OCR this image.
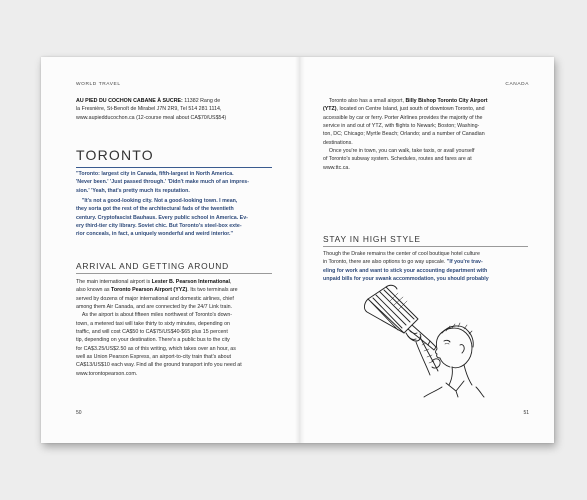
WORLD TRAVEL

AU PIED DU COCHON CABANE À SUCRE: 11382 Rang de

la Fresnière, St-Benoît de Mirabel J7N 2R9, Tel 514 281 1114,

www.aupiedducochon.ca (12-course meal about CA$70/US$54)

TORONTO

"Toronto: largest city in Canada, fifth-largest in North America.

'Never been.' 'Just passed through.' 'Didn't make much of an impres-

sion.' 'Yeah, that's pretty much its reputation.

"It's not a good-looking city. Not a good-looking town. I mean,

they sorta got the rest of the architectural fads of the twentieth

century. Cryptofascist Bauhaus. Every public school in America. Ev-

ery third-tier city library. Soviet chic. But Toronto's steel-box exte-

rior conceals, in fact, a uniquely wonderful and weird interior."

ARRIVAL AND GETTING AROUND

The main international airport is Lester B. Pearson International,

also known as Toronto Pearson Airport (YYZ). Its two terminals are

served by dozens of major international and domestic airlines, chief

among them Air Canada, and are connected by the 24/7 Link train.

As the airport is about fifteen miles northwest of Toronto's down-

town, a metered taxi will take thirty to sixty minutes, depending on

traffic, and will cost CA$50 to CA$75/US$40-$65 plus 15 percent

tip, depending on your destination. There's a public bus to the city

for CA$3.25/US$2.50 as of this writing, which takes over an hour, as

well as Union Pearson Express, an airport-to-city train that's about

CA$13/US$10 each way. Find all the ground transport info you need at

www.torontopearson.com.

50
CANADA

Toronto also has a small airport, Billy Bishop Toronto City Airport

(YTZ), located on Centre Island, just south of downtown Toronto, and

accessible by car or ferry. Porter Airlines provides the majority of the

service in and out of YTZ, with flights to Newark; Boston; Washing-

ton, DC; Chicago; Myrtle Beach; Orlando; and a number of Canadian

destinations.

Once you're in town, you can walk, take taxis, or avail yourself

of Toronto's subway system. Schedules, routes and fares are at

www.ttc.ca.

STAY IN HIGH STYLE

Though the Drake remains the center of cool boutique hotel culture

in Toronto, there are also options to go way upscale. "If you're trav-

eling for work and want to stick your accounting department with

unpaid bills for your swank accommodation, you should probably

51
